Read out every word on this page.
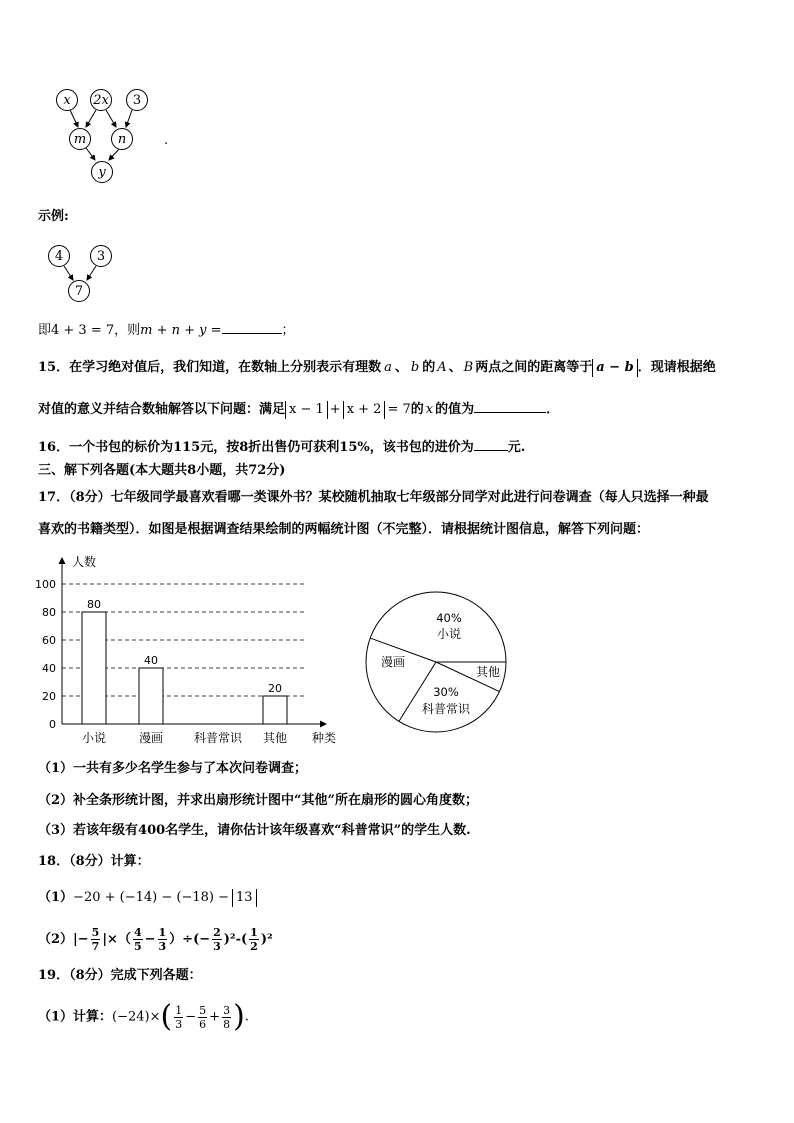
x	2x	3
m	n
y
.
示例:
4	3
7
即4 + 3 = 7，则m + n + y =	；
15．在学习绝对值后，我们知道，在数轴上分别表示有理数 a 、 b 的 A 、 B 两点之间的距离等于 a − b ．现请根据绝
对值的意义并结合数轴解答以下问题：满足 x − 1 + x + 2 = 7的 x 的值为	．
16．一个书包的标价为115元，按8折出售仍可获利15%，该书包的进价为	元.
三、解下列各题(本大题共8小题，共72分)
17．（8分）七年级同学最喜欢看哪一类课外书？某校随机抽取七年级部分同学对此进行问卷调查（每人只选择一种最
喜欢的书籍类型）．如图是根据调查结果绘制的两幅统计图（不完整）．请根据统计图信息，解答下列问题：
人数
种类
0
20
40
60
80
100
80
40
20
小说	漫画	科普常识 其他
40%
小说
其他
30%
科普常识
漫画
（1）一共有多少名学生参与了本次问卷调查；
（2）补全条形统计图，并求出扇形统计图中“其他”所在扇形的圆心角度数；
（3）若该年级有400名学生，请你估计该年级喜欢“科普常识”的学生人数.
18．（8分）计算：
（1）−20 + (−14) − (−18) − 13
$(2)|- \frac{5}{7}$ |×（ $\frac{4}{5} - \frac{1}{3}$ ）÷(− $\frac{2}{3} )^2-( \frac{1}{2} )^2$
19．（8分）完成下列各题：
（1）计算：$(-24)\times( \frac{1}{3} - \frac{5}{6} + \frac{3}{8}$ ).
